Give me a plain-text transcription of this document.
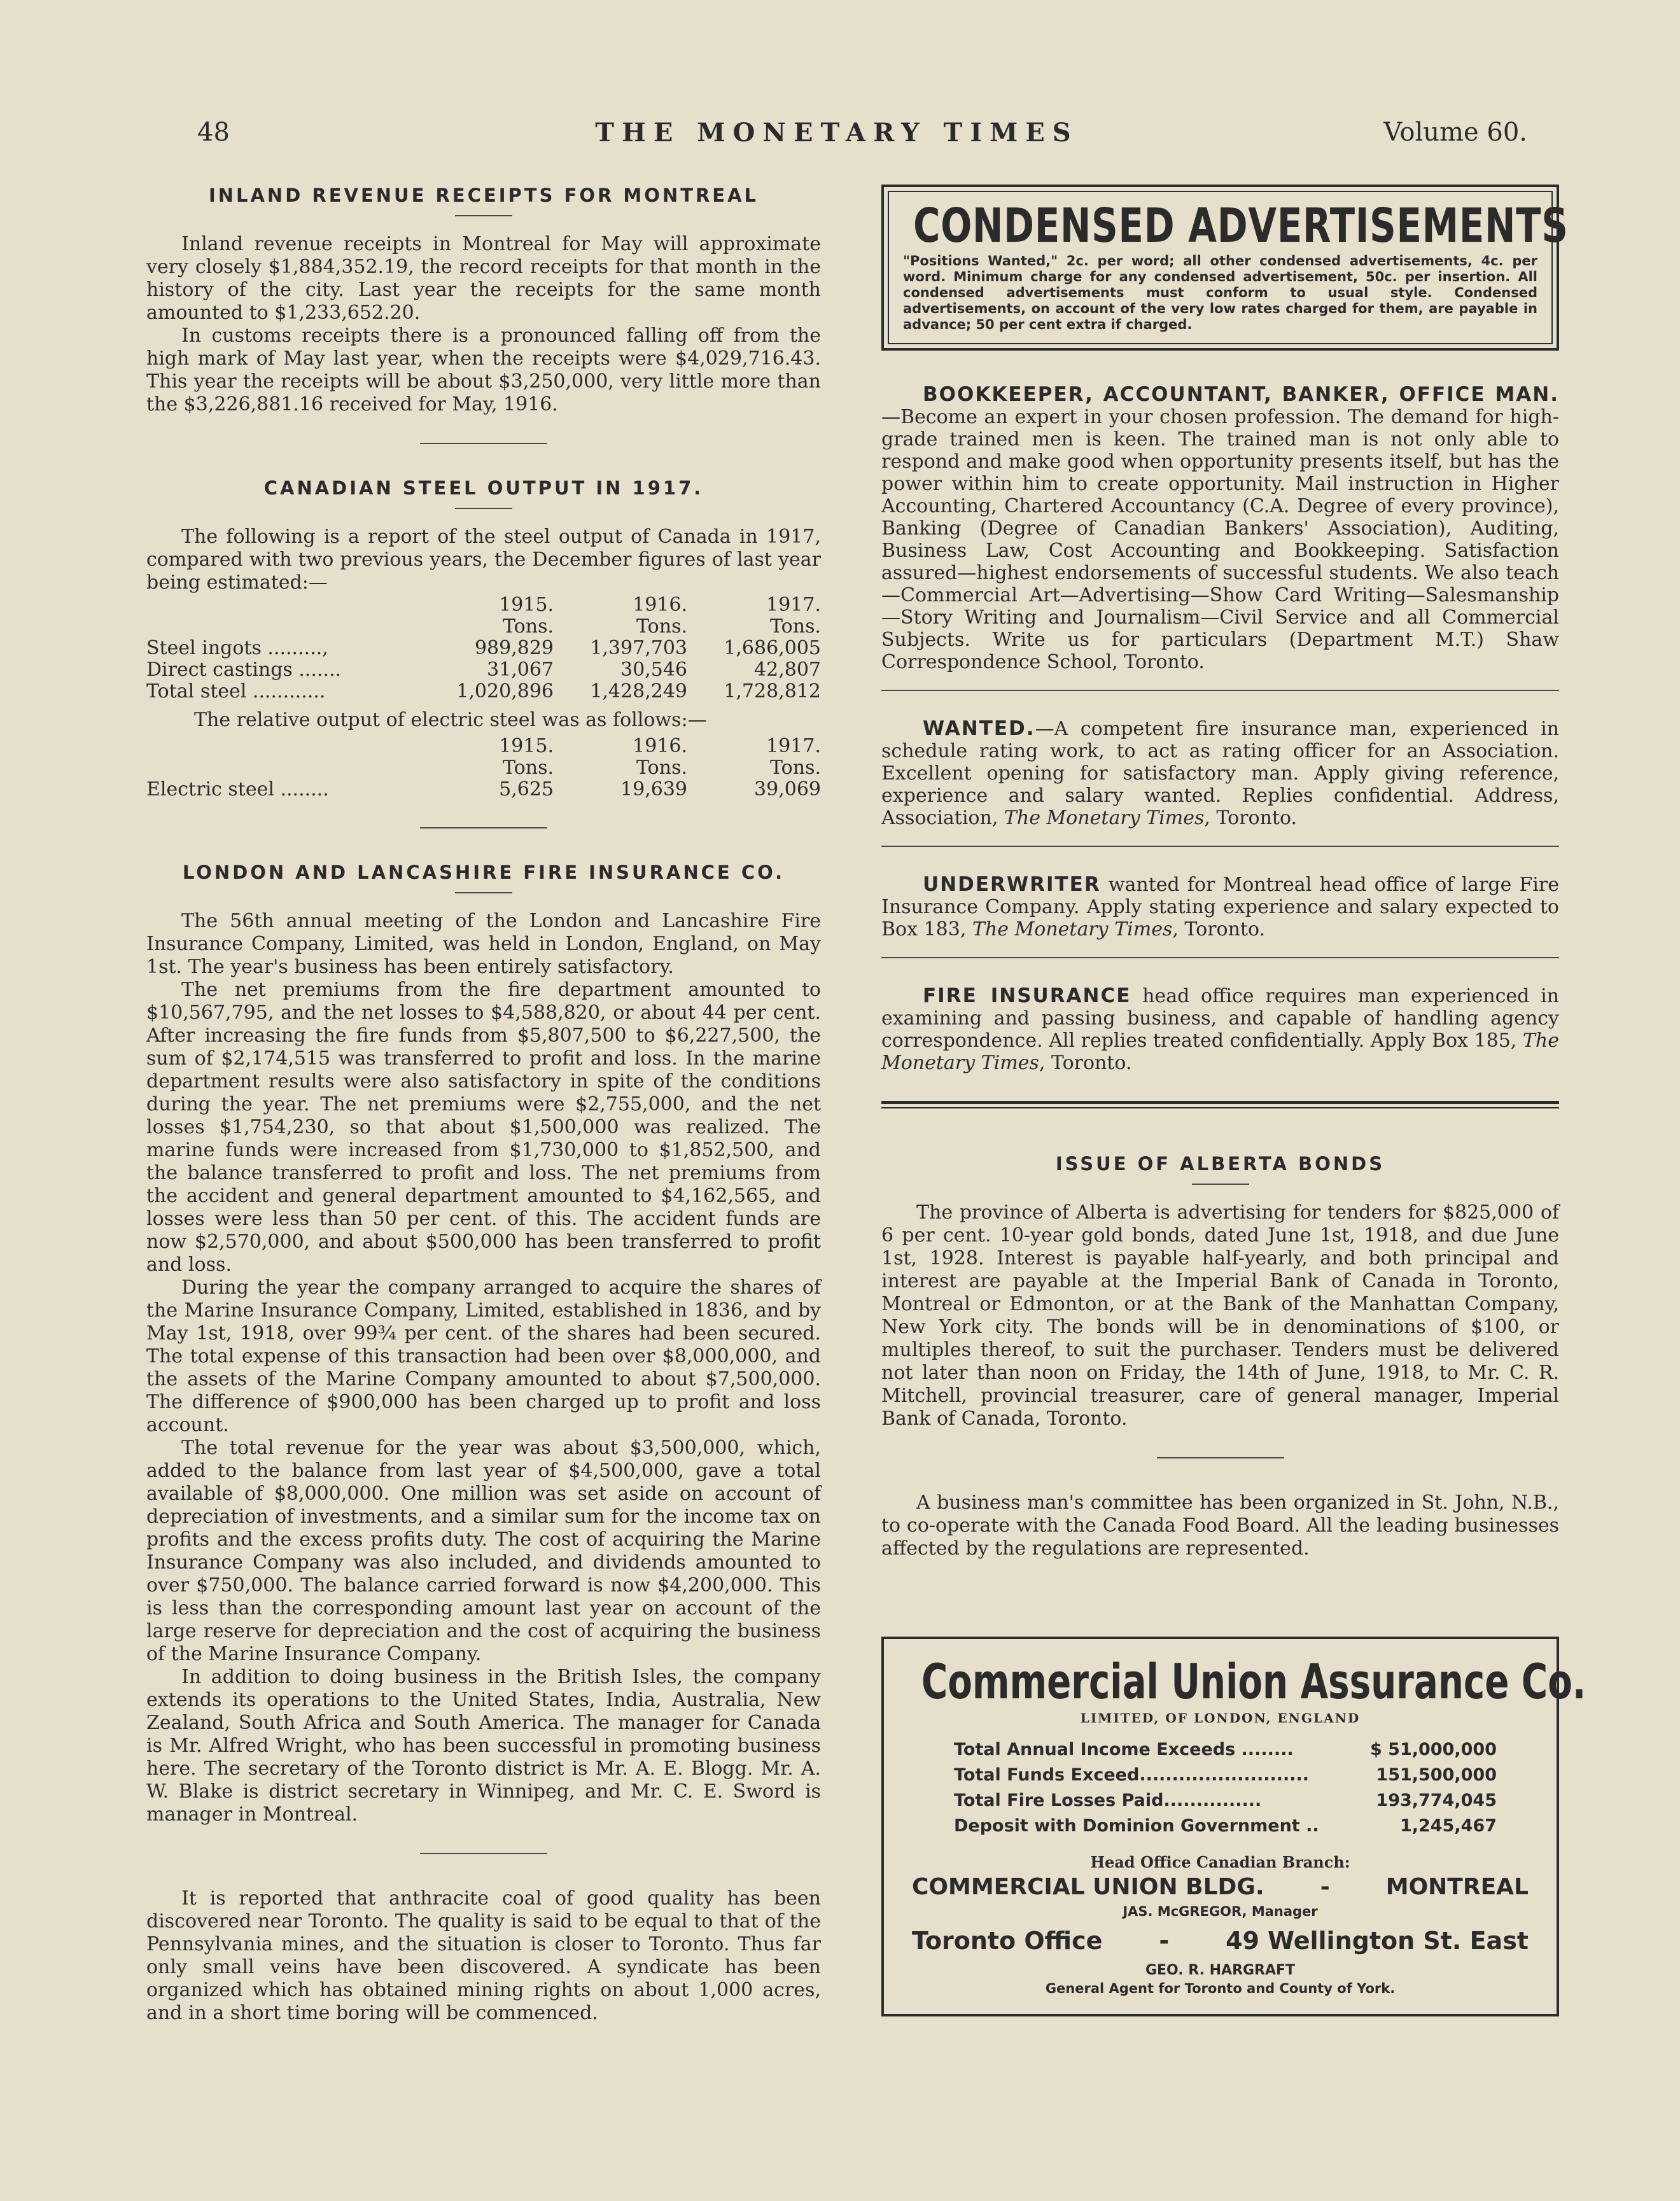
48	THE MONETARY TIMES	Volume 60.
INLAND REVENUE RECEIPTS FOR MONTREAL

Inland revenue receipts in Montreal for May will approximate very closely $1,884,352.19, the record receipts for that month in the history of the city. Last year the receipts for the same month amounted to $1,233,652.20.

In customs receipts there is a pronounced falling off from the high mark of May last year, when the receipts were $4,029,716.43. This year the receipts will be about $3,250,000, very little more than the $3,226,881.16 received for May, 1916.

CANADIAN STEEL OUTPUT IN 1917.

The following is a report of the steel output of Canada in 1917, compared with two previous years, the December figures of last year being estimated:—

	1915.	1916.	1917.
	Tons.	Tons.	Tons.
Steel ingots .........,	989,829	1,397,703	1,686,005
Direct castings .......	31,067	30,546	42,807
Total steel ............	1,020,896	1,428,249	1,728,812

The relative output of electric steel was as follows:—

	1915.	1916.	1917.
	Tons.	Tons.	Tons.
Electric steel ........	5,625	19,639	39,069
LONDON AND LANCASHIRE FIRE INSURANCE CO.

The 56th annual meeting of the London and Lancashire Fire Insurance Company, Limited, was held in London, England, on May 1st. The year's business has been entirely satisfactory.

The net premiums from the fire department amounted to $10,567,795, and the net losses to $4,588,820, or about 44 per cent. After increasing the fire funds from $5,807,500 to $6,227,500, the sum of $2,174,515 was transferred to profit and loss. In the marine department results were also satisfactory in spite of the conditions during the year. The net premiums were $2,755,000, and the net losses $1,754,230, so that about $1,500,000 was realized. The marine funds were increased from $1,730,000 to $1,852,500, and the balance transferred to profit and loss. The net premiums from the accident and general department amounted to $4,162,565, and losses were less than 50 per cent. of this. The accident funds are now $2,570,000, and about $500,000 has been transferred to profit and loss.

During the year the company arranged to acquire the shares of the Marine Insurance Company, Limited, established in 1836, and by May 1st, 1918, over 99¾ per cent. of the shares had been secured. The total expense of this transaction had been over $8,000,000, and the assets of the Marine Company amounted to about $7,500,000. The difference of $900,000 has been charged up to profit and loss account.

The total revenue for the year was about $3,500,000, which, added to the balance from last year of $4,500,000, gave a total available of $8,000,000. One million was set aside on account of depreciation of investments, and a similar sum for the income tax on profits and the excess profits duty. The cost of acquiring the Marine Insurance Company was also included, and dividends amounted to over $750,000. The balance carried forward is now $4,200,000. This is less than the corresponding amount last year on account of the large reserve for depreciation and the cost of acquiring the business of the Marine Insurance Company.

In addition to doing business in the British Isles, the company extends its operations to the United States, India, Australia, New Zealand, South Africa and South America. The manager for Canada is Mr. Alfred Wright, who has been successful in promoting business here. The secretary of the Toronto district is Mr. A. E. Blogg. Mr. A. W. Blake is district secretary in Winnipeg, and Mr. C. E. Sword is manager in Montreal.

It is reported that anthracite coal of good quality has been discovered near Toronto. The quality is said to be equal to that of the Pennsylvania mines, and the situation is closer to Toronto. Thus far only small veins have been discovered. A syndicate has been organized which has obtained mining rights on about 1,000 acres, and in a short time boring will be commenced.

CONDENSED ADVERTISEMENTS
"Positions Wanted," 2c. per word; all other condensed advertisements, 4c. per word. Minimum charge for any condensed advertisement, 50c. per insertion. All condensed advertisements must conform to usual style. Condensed advertisements, on account of the very low rates charged for them, are payable in advance; 50 per cent extra if charged.

BOOKKEEPER, ACCOUNTANT, BANKER, OFFICE MAN.—Become an expert in your chosen profession. The demand for high-grade trained men is keen. The trained man is not only able to respond and make good when opportunity presents itself, but has the power within him to create opportunity. Mail instruction in Higher Accounting, Chartered Accountancy (C.A. Degree of every province), Banking (Degree of Canadian Bankers' Association), Auditing, Business Law, Cost Accounting and Bookkeeping. Satisfaction assured—highest endorsements of successful students. We also teach—Commercial Art—Advertising—Show Card Writing—Salesmanship—Story Writing and Journalism—Civil Service and all Commercial Subjects. Write us for particulars (Department M.T.) Shaw Correspondence School, Toronto.

WANTED.—A competent fire insurance man, experienced in schedule rating work, to act as rating officer for an Association. Excellent opening for satisfactory man. Apply giving reference, experience and salary wanted. Replies confidential. Address, Association, The Monetary Times, Toronto.

UNDERWRITER wanted for Montreal head office of large Fire Insurance Company. Apply stating experience and salary expected to Box 183, The Monetary Times, Toronto.

FIRE INSURANCE head office requires man experienced in examining and passing business, and capable of handling agency correspondence. All replies treated confidentially. Apply Box 185, The Monetary Times, Toronto.

ISSUE OF ALBERTA BONDS

The province of Alberta is advertising for tenders for $825,000 of 6 per cent. 10-year gold bonds, dated June 1st, 1918, and due June 1st, 1928. Interest is payable half-yearly, and both principal and interest are payable at the Imperial Bank of Canada in Toronto, Montreal or Edmonton, or at the Bank of the Manhattan Company, New York city. The bonds will be in denominations of $100, or multiples thereof, to suit the purchaser. Tenders must be delivered not later than noon on Friday, the 14th of June, 1918, to Mr. C. R. Mitchell, provincial treasurer, care of general manager, Imperial Bank of Canada, Toronto.

A business man's committee has been organized in St. John, N.B., to co-operate with the Canada Food Board. All the leading businesses affected by the regulations are represented.

Commercial Union Assurance Co.
LIMITED, OF LONDON, ENGLAND
Total Annual Income Exceeds ........	$ 51,000,000
Total Funds Exceed..........................	151,500,000
Total Fire Losses Paid...............	193,774,045
Deposit with Dominion Government ..	1,245,467
Head Office Canadian Branch:
COMMERCIAL UNION BLDG. - MONTREAL
JAS. McGREGOR, Manager
Toronto Office - 49 Wellington St. East
GEO. R. HARGRAFT
General Agent for Toronto and County of York.
